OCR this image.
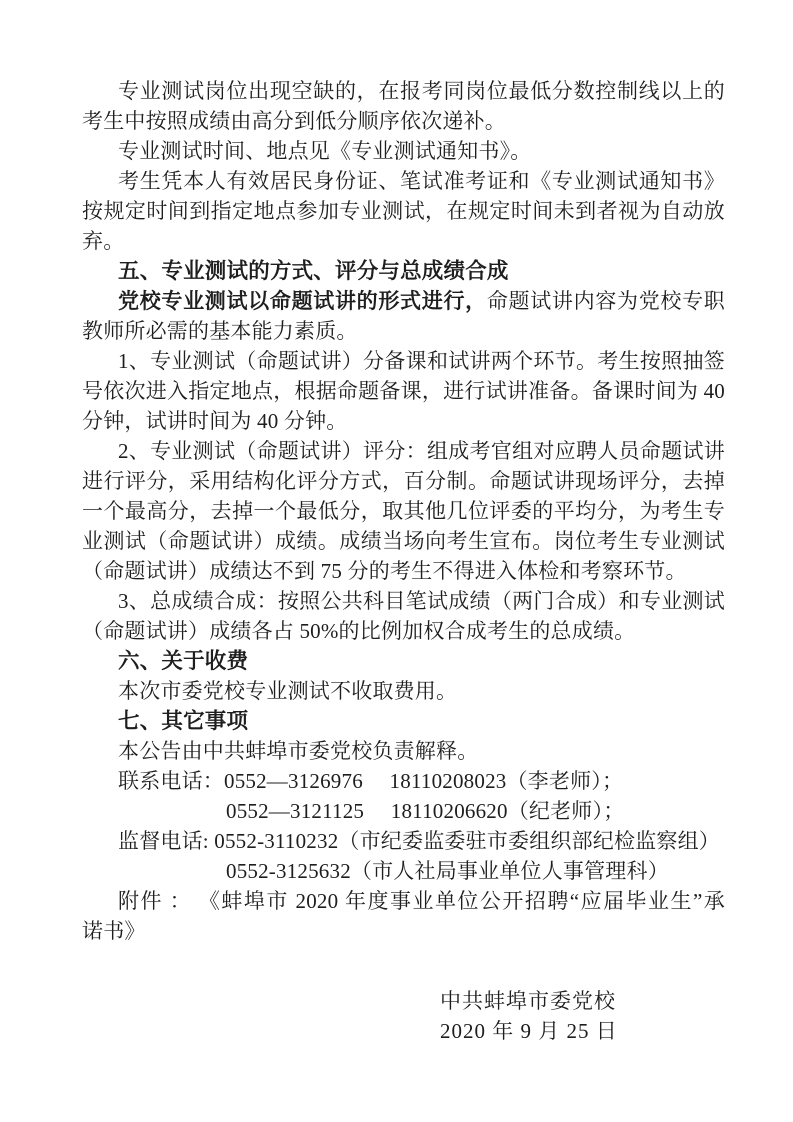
专业测试岗位出现空缺的，在报考同岗位最低分数控制线以上的
考生中按照成绩由高分到低分顺序依次递补。
专业测试时间、地点见《专业测试通知书》。
考生凭本人有效居民身份证、笔试准考证和《专业测试通知书》
按规定时间到指定地点参加专业测试，在规定时间未到者视为自动放
弃。
五、专业测试的方式、评分与总成绩合成
党校专业测试以命题试讲的形式进行，命题试讲内容为党校专职
教师所必需的基本能力素质。
1、专业测试（命题试讲）分备课和试讲两个环节。考生按照抽签
号依次进入指定地点，根据命题备课，进行试讲准备。备课时间为 40
分钟，试讲时间为 40 分钟。
2、专业测试（命题试讲）评分：组成考官组对应聘人员命题试讲
进行评分，采用结构化评分方式，百分制。命题试讲现场评分，去掉
一个最高分，去掉一个最低分，取其他几位评委的平均分，为考生专
业测试（命题试讲）成绩。成绩当场向考生宣布。岗位考生专业测试
（命题试讲）成绩达不到 75 分的考生不得进入体检和考察环节。
3、总成绩合成：按照公共科目笔试成绩（两门合成）和专业测试
（命题试讲）成绩各占 50%的比例加权合成考生的总成绩。
六、关于收费
本次市委党校专业测试不收取费用。
七、其它事项
本公告由中共蚌埠市委党校负责解释。
联系电话：0552—3126976　 18110208023（李老师）；
0552—3121125　 18110206620（纪老师）；
监督电话: 0552-3110232（市纪委监委驻市委组织部纪检监察组）
0552-3125632（市人社局事业单位人事管理科）
附件 ： 《蚌埠市 2020 年度事业单位公开招聘“应届毕业生”承
诺书》
中共蚌埠市委党校
2020 年 9 月 25 日
